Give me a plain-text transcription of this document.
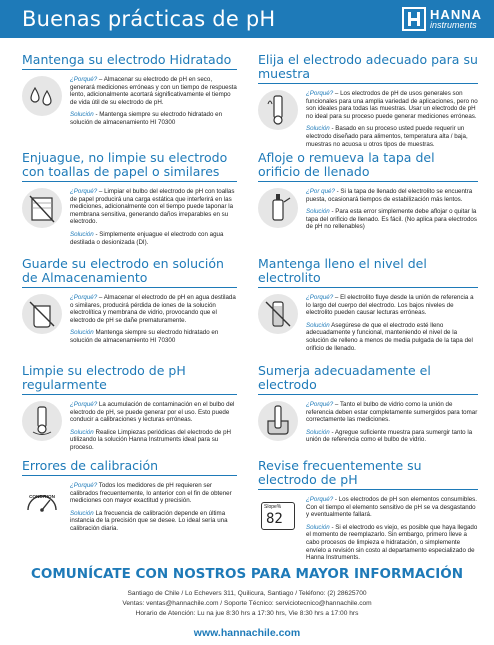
Buenas prácticas de pH	HANNA
instruments
Mantenga su electrodo Hidratado

¿Porqué? – Almacenar su electrodo de pH en seco, generará mediciones erróneas y con un tiempo de respuesta lento, adicionalmente acortará significativamente el tiempo de vida útil de su electrodo de pH.

Solución - Mantenga siempre su electrodo hidratado en solución de almacenamiento HI 70300

Elija el electrodo adecuado para su muestra

¿Porqué? – Los electrodos de pH de usos generales son funcionales para una amplia variedad de aplicaciones, pero no son ideales para todas las muestras. Usar un electrodo de pH no ideal para su proceso puede generar mediciones erróneas.

Solución - Basado en su proceso usted puede requerir un electrodo diseñado para alimentos, temperatura alta / baja, muestras no acuosa u otros tipos de muestras.

Enjuague, no limpie su electrodo con toallas de papel o similares

¿Porqué? – Limpiar el bulbo del electrodo de pH con toallas de papel producirá una carga estática que interferirá en las mediciones, adicionalmente con el tiempo puede taponar la membrana sensitiva, generando daños irreparables en su electrodo.

Solución - Simplemente enjuague el electrodo con agua destilada o desionizada (DI).

Afloje o remueva la tapa del orificio de llenado

¿Por qué? - Si la tapa de llenado del electrolito se encuentra puesta, ocasionará tiempos de estabilización más lentos.

Solución - Para esta error simplemente debe aflojar o quitar la tapa del orificio de llenado. Es fácil. (No aplica para electrodos de pH no rellenables)

Guarde su electrodo en solución de Almacenamiento

¿Porqué? – Almacenar el electrodo de pH en agua destilada o similares, producirá pérdida de iones de la solución electrolítica y membrana de vidrio, provocando que el electrodo de pH se dañe prematuramente.

Solución Mantenga siempre su electrodo hidratado en solución de almacenamiento HI 70300

Mantenga lleno el nivel del electrolito

¿Porqué? – El electrolito fluye desde la unión de referencia a lo largo del cuerpo del electrodo. Los bajos niveles de electrolito pueden causar lecturas erróneas.

Solución Asegúrese de que el electrodo esté lleno adecuadamente y funcional, manteniendo el nivel de la solución de relleno a menos de media pulgada de la tapa del orificio de llenado.

Limpie su electrodo de pH regularmente

¿Porqué? La acumulación de contaminación en el bulbo del electrodo de pH, se puede generar por el uso. Esto puede conducir a calibraciones y lecturas erróneas.

Solución Realice Limpiezas periódicas del electrodo de pH utilizando la solución Hanna Instruments ideal para su proceso.

Sumerja adecuadamente el electrodo

¿Porqué? – Tanto el bulbo de vidrio como la unión de referencia deben estar completamente sumergidos para tomar correctamente las mediciones.

Solución - Agregue suficiente muestra para sumergir tanto la unión de referencia como el bulbo de vidrio.

Errores de calibración
CONDITION

¿Porqué? Todos los medidores de pH requieren ser calibrados frecuentemente, lo anterior con el fin de obtener mediciones con mayor exactitud y precisión.

Solución La frecuencia de calibración depende en última instancia de la precisión que se desee. Lo ideal sería una calibración diaria.

Revise frecuentemente su electrodo de pH
Slope%
82

¿Porqué? - Los electrodos de pH son elementos consumibles. Con el tiempo el elemento sensitivo de pH se va desgastando y eventualmente fallará.

Solución - Si el electrodo es viejo, es posible que haya llegado el momento de reemplazarlo. Sin embargo, primero lleve a cabo procesos de limpieza e hidratación, o simplemente envíelo a revisión sin costo al departamento especializado de Hanna Instruments.

COMUNÍCATE CON NOSTROS PARA MAYOR INFORMACIÓN
Santiago de Chile / Lo Echevers 311, Quilicura, Santiago / Teléfono: (2) 28625700
Ventas: ventas@hannachile.com / Soporte Técnico: serviciotecnico@hannachile.com
Horario de Atención: Lu na jue 8:30 hrs a 17:30 hrs, Vie 8:30 hrs a 17:00 hrs
www.hannachile.com
